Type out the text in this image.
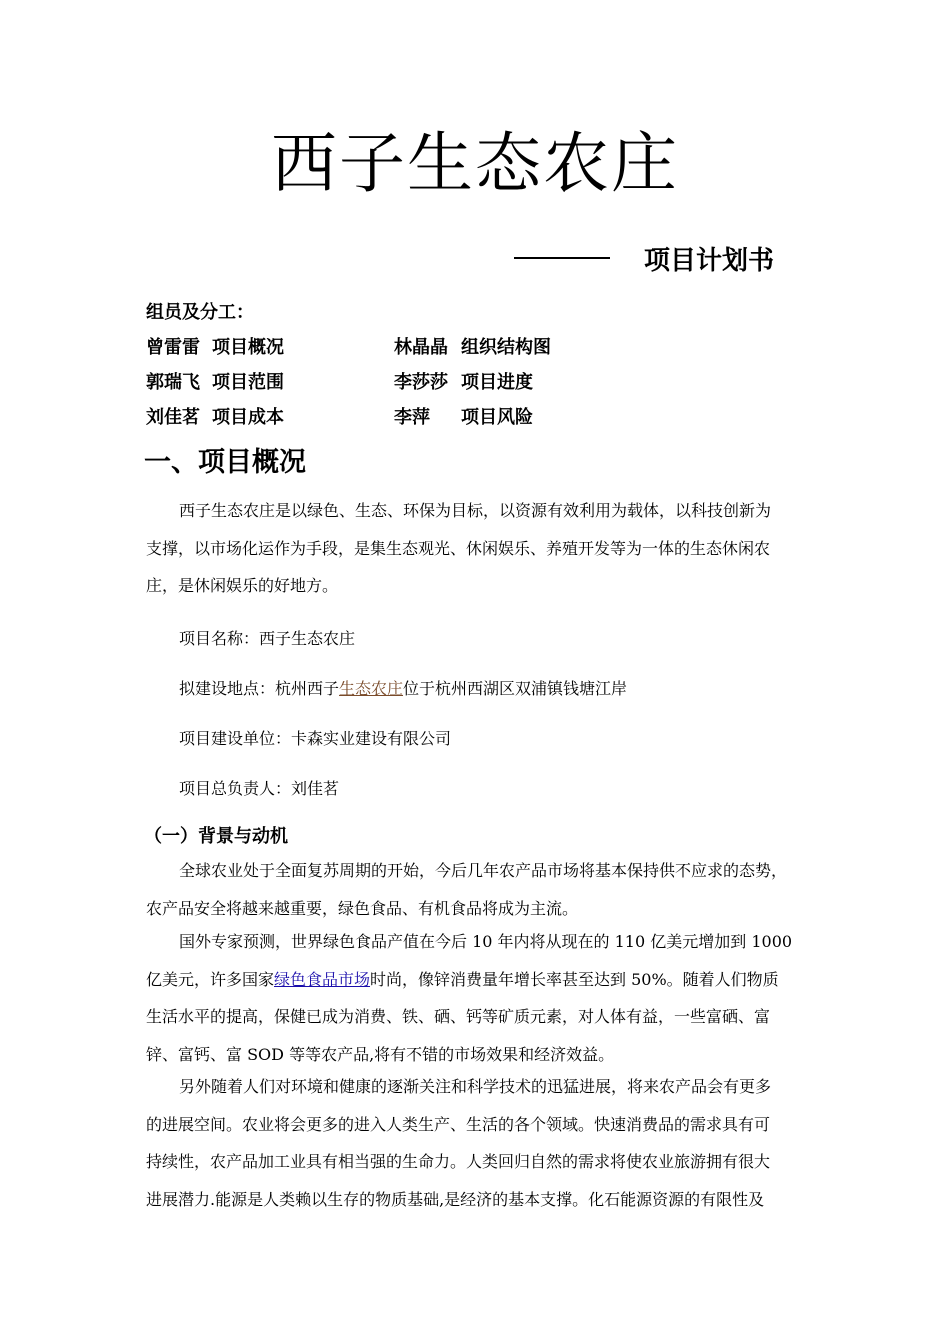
西子生态农庄
项目计划书
组员及分工：
曾雷雷 项目概况	林晶晶 组织结构图
郭瑞飞 项目范围	李莎莎 项目进度
刘佳茗 项目成本	李萍 项目风险
一、项目概况
西子生态农庄是以绿色、生态、环保为目标，以资源有效利用为载体，以科技创新为
支撑，以市场化运作为手段，是集生态观光、休闲娱乐、养殖开发等为一体的生态休闲农
庄，是休闲娱乐的好地方。
项目名称：西子生态农庄
拟建设地点：杭州西子生态农庄位于杭州西湖区双浦镇钱塘江岸
项目建设单位：卡森实业建设有限公司
项目总负责人：刘佳茗
（一）背景与动机
全球农业处于全面复苏周期的开始，今后几年农产品市场将基本保持供不应求的态势，
农产品安全将越来越重要，绿色食品、有机食品将成为主流。
国外专家预测，世界绿色食品产值在今后 10 年内将从现在的 110 亿美元增加到 1000
亿美元，许多国家绿色食品市场时尚，像锌消费量年增长率甚至达到 50%。随着人们物质
生活水平的提高，保健已成为消费、铁、硒、钙等矿质元素，对人体有益，一些富硒、富
锌、富钙、富 SOD 等等农产品,将有不错的市场效果和经济效益。
另外随着人们对环境和健康的逐渐关注和科学技术的迅猛进展，将来农产品会有更多
的进展空间。农业将会更多的进入人类生产、生活的各个领域。快速消费品的需求具有可
持续性，农产品加工业具有相当强的生命力。人类回归自然的需求将使农业旅游拥有很大
进展潜力.能源是人类赖以生存的物质基础,是经济的基本支撑。化石能源资源的有限性及
